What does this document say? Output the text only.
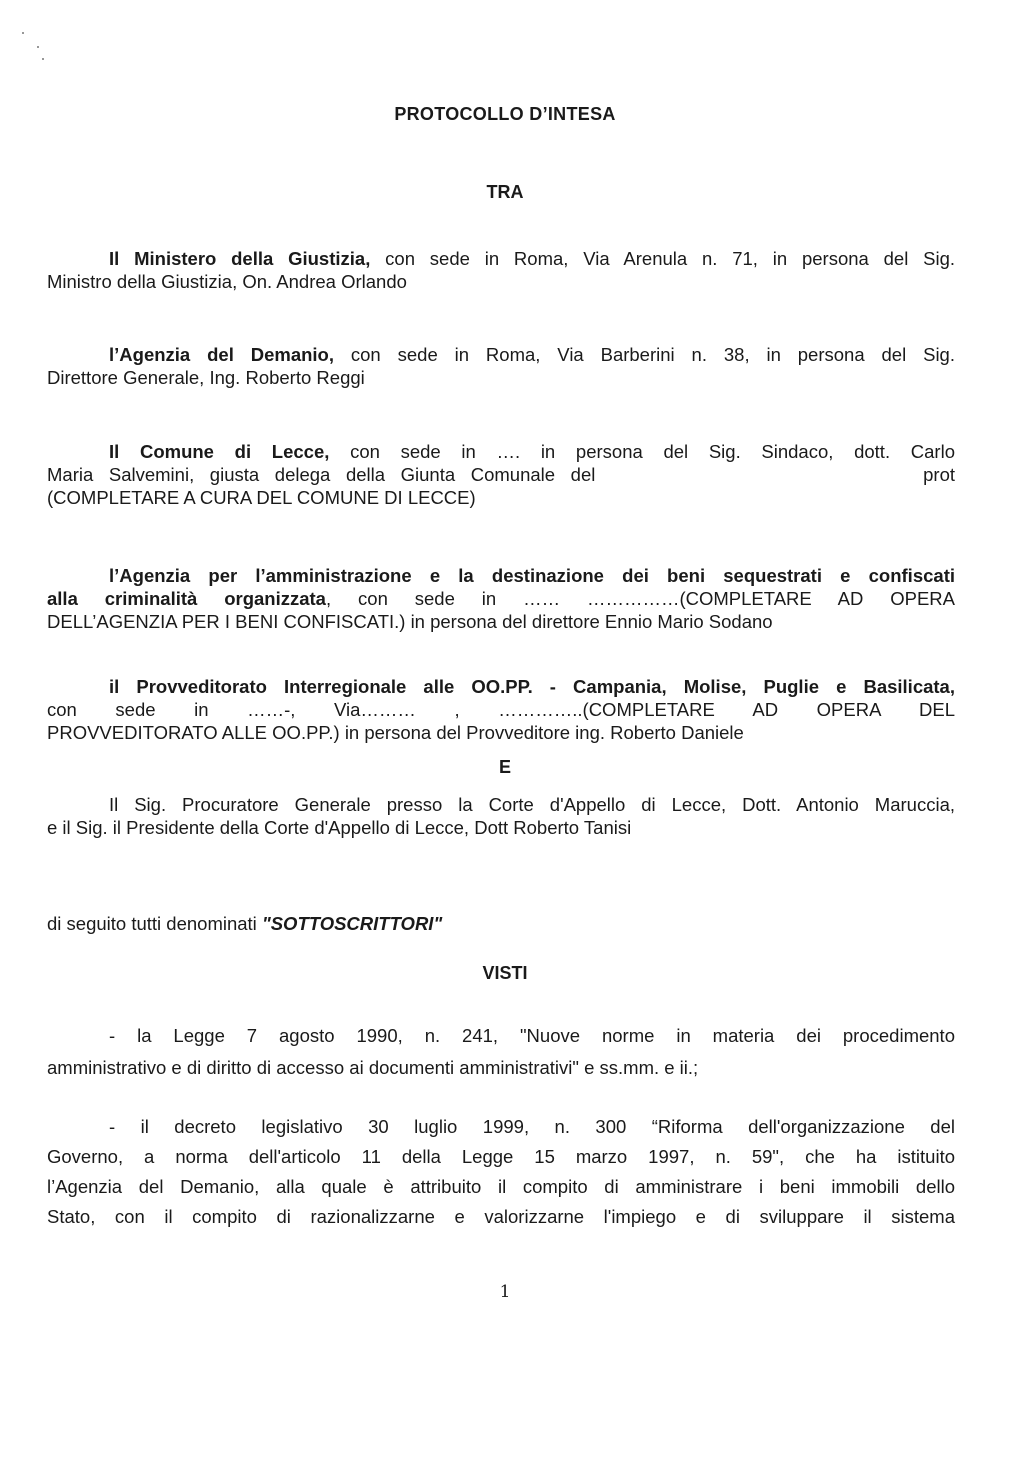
PROTOCOLLO D’INTESA
TRA
Il Ministero della Giustizia, con sede in Roma, Via Arenula n. 71, in persona del Sig.
Ministro della Giustizia, On. Andrea Orlando
l’Agenzia del Demanio, con sede in Roma, Via Barberini n. 38, in persona del Sig.
Direttore Generale, Ing. Roberto Reggi
Il Comune di Lecce, con sede in …. in persona del Sig. Sindaco, dott. Carlo
Maria Salvemini, giusta delega della Giunta Comunale del                     prot
(COMPLETARE A CURA DEL COMUNE DI LECCE)
l’Agenzia per l’amministrazione e la destinazione dei beni sequestrati e confiscati
alla criminalità organizzata, con sede in …… ……………(COMPLETARE AD OPERA
DELL’AGENZIA PER I BENI CONFISCATI.) in persona del direttore Ennio Mario Sodano
il Provveditorato Interregionale alle OO.PP. - Campania, Molise, Puglie e Basilicata,
con sede in ……-, Via……… , …………..(COMPLETARE AD OPERA DEL
PROVVEDITORATO ALLE OO.PP.) in persona del Provveditore ing. Roberto Daniele
E
Il Sig. Procuratore Generale presso la Corte d'Appello di Lecce, Dott. Antonio Maruccia,
e il Sig. il Presidente della Corte d'Appello di Lecce, Dott Roberto Tanisi
di seguito tutti denominati "SOTTOSCRITTORI"
VISTI
- la Legge 7 agosto 1990, n. 241, "Nuove norme in materia dei procedimento
amministrativo e di diritto di accesso ai documenti amministrativi" e ss.mm. e ii.;
- il decreto legislativo 30 luglio 1999, n. 300 “Riforma dell'organizzazione del
Governo, a norma dell'articolo 11 della Legge 15 marzo 1997, n. 59", che ha istituito
l’Agenzia del Demanio, alla quale è attribuito il compito di amministrare i beni immobili dello
Stato, con il compito di razionalizzarne e valorizzarne l'impiego e di sviluppare il sistema
1
